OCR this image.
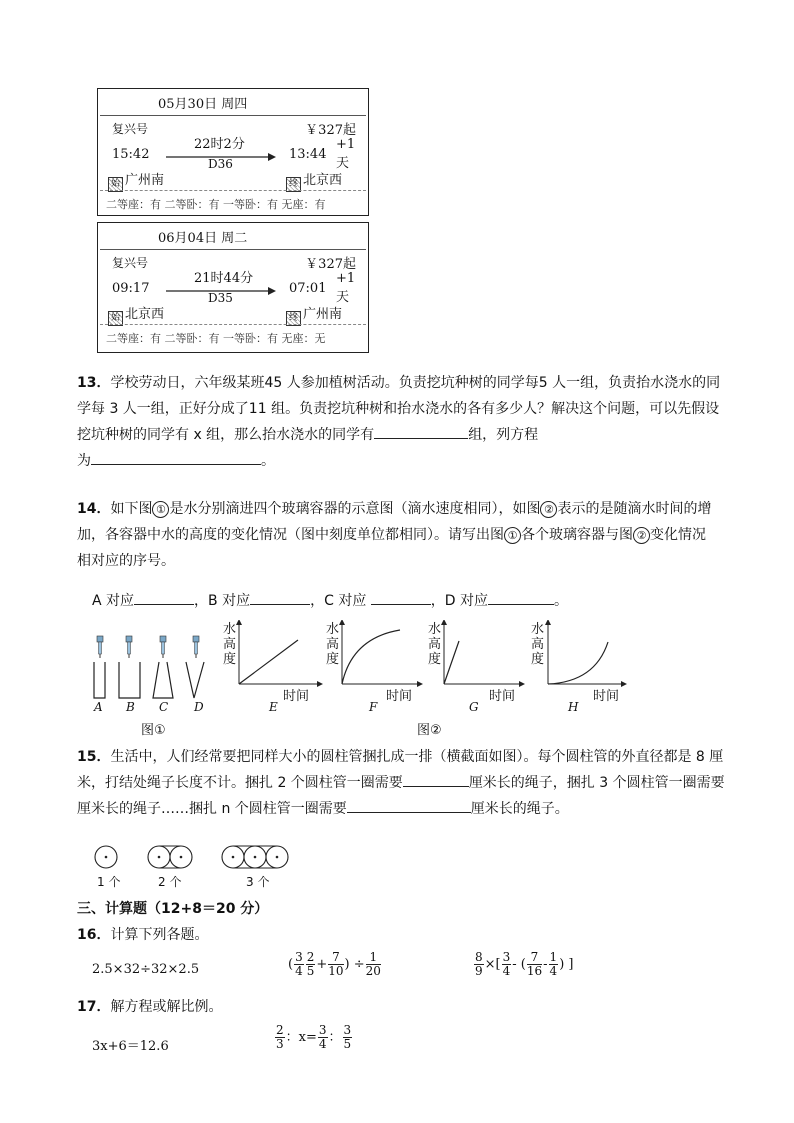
05月30日 周四
复兴号	￥327起
22时2分
15:42	13:44
+1天
D36
始 广州南	终 北京西
二等座：有 二等卧：有 一等卧：有 无座：有
06月04日 周二
复兴号	￥327起
21时44分
09:17	07:01
+1天
D35
始 北京西	终 广州南
二等座：有 二等卧：有 一等卧：有 无座：无
13．学校劳动日，六年级某班45 人参加植树活动。负责挖坑种树的同学每5 人一组，负责抬水浇水的同
学每 3 人一组，正好分成了11 组。负责挖坑种树和抬水浇水的各有多少人？解决这个问题，可以先假设
挖坑种树的同学有 x 组，那么抬水浇水的同学有	组，列方程
为	。
14．如下图 ① 是水分别滴进四个玻璃容器的示意图（滴水速度相同），如图 ② 表示的是随滴水时间的增
加，各容器中水的高度的变化情况（图中刻度单位都相同）。请写出图 ① 各个玻璃容器与图 ② 变化情况
相对应的序号。
A 对应	，B 对应	，C 对应	，D 对应	。
A B C D
图①
水
高
度
水
高
度
水
高
度
水
高
度
时间	时间	时间	时间
E	F	G	H
图②
15．生活中，人们经常要把同样大小的圆柱管捆扎成一排（横截面如图）。每个圆柱管的外直径都是 8 厘
米，打结处绳子长度不计。捆扎 2 个圆柱管一圈需要	厘米长的绳子，捆扎 3 个圆柱管一圈需要
厘米长的绳子……捆扎 n 个圆柱管一圈需要	厘米长的绳子。
1 个	2 个	3 个
三、计算题（12+8＝20 分）
16．计算下列各题。
2.5×32÷32×2.5	( $\frac{3}{4} \frac{2}{5} + \frac{7}{10}$ ) ÷ $\frac{1}{20}$	$\frac{8}{9}$ ×[ $\frac{3}{4}$ - ( $\frac{7}{16} - \frac{1}{4}$ ) ]
17．解方程或解比例。
3x+6＝12.6	$\frac{2}{3}$ ：$x= \frac{3}{4}$ ： $\frac{3}{5}$
